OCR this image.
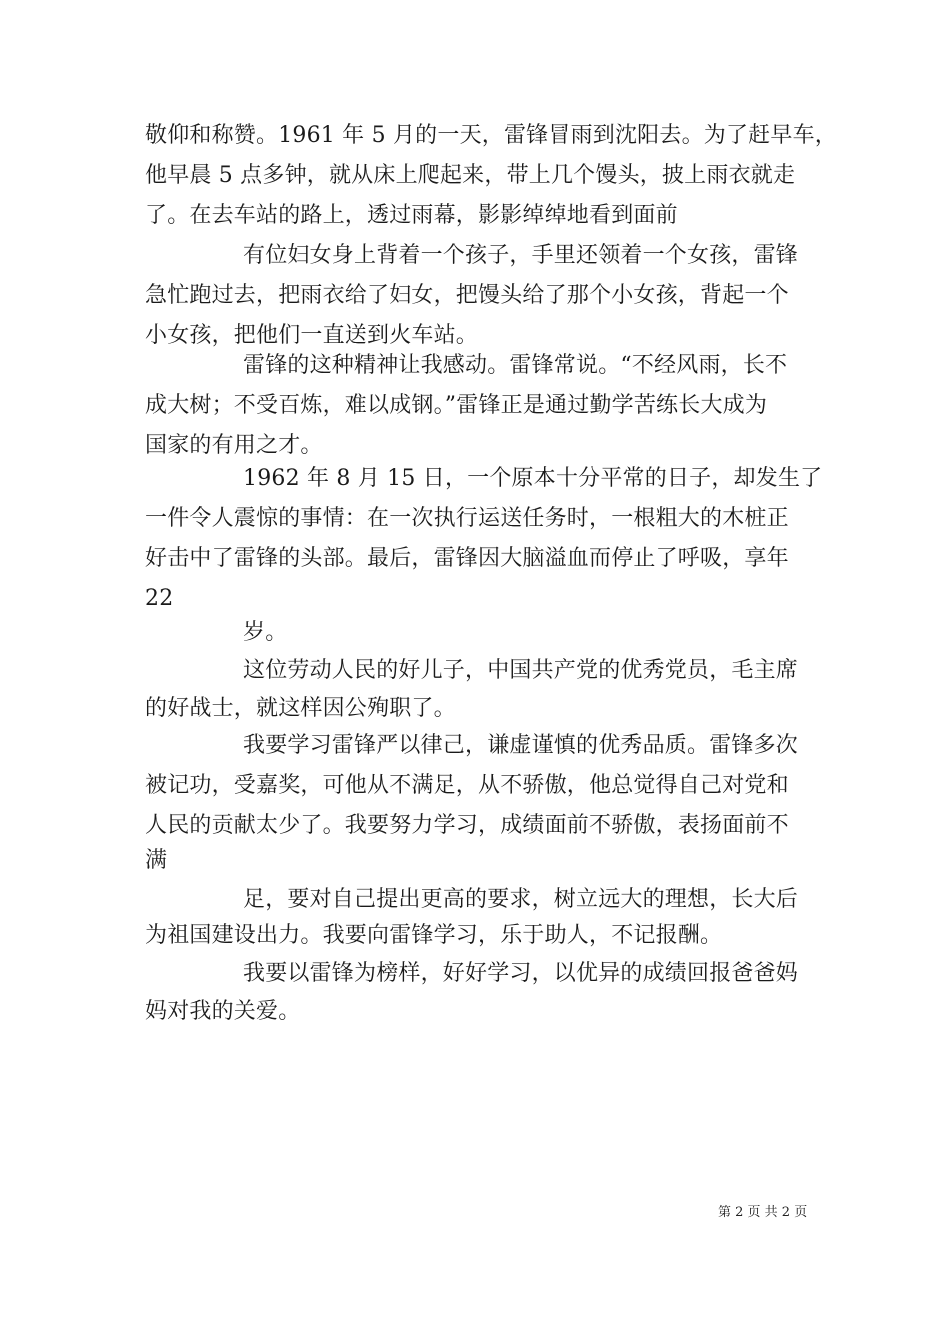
敬仰和称赞。1961 年 5 月的一天，雷锋冒雨到沈阳去。为了赶早车，
他早晨 5 点多钟，就从床上爬起来，带上几个馒头，披上雨衣就走
了。在去车站的路上，透过雨幕，影影绰绰地看到面前
有位妇女身上背着一个孩子，手里还领着一个女孩，雷锋
急忙跑过去，把雨衣给了妇女，把馒头给了那个小女孩，背起一个
小女孩，把他们一直送到火车站。
雷锋的这种精神让我感动。雷锋常说。“不经风雨，长不
成大树；不受百炼，难以成钢。”雷锋正是通过勤学苦练长大成为
国家的有用之才。
1962 年 8 月 15 日，一个原本十分平常的日子，却发生了
一件令人震惊的事情：在一次执行运送任务时，一根粗大的木桩正
好击中了雷锋的头部。最后，雷锋因大脑溢血而停止了呼吸，享年
22
岁。
这位劳动人民的好儿子，中国共产党的优秀党员，毛主席
的好战士，就这样因公殉职了。
我要学习雷锋严以律己，谦虚谨慎的优秀品质。雷锋多次
被记功，受嘉奖，可他从不满足，从不骄傲，他总觉得自己对党和
人民的贡献太少了。我要努力学习，成绩面前不骄傲，表扬面前不
满
足，要对自己提出更高的要求，树立远大的理想，长大后
为祖国建设出力。我要向雷锋学习，乐于助人，不记报酬。
我要以雷锋为榜样，好好学习，以优异的成绩回报爸爸妈
妈对我的关爱。
第 2 页 共 2 页
